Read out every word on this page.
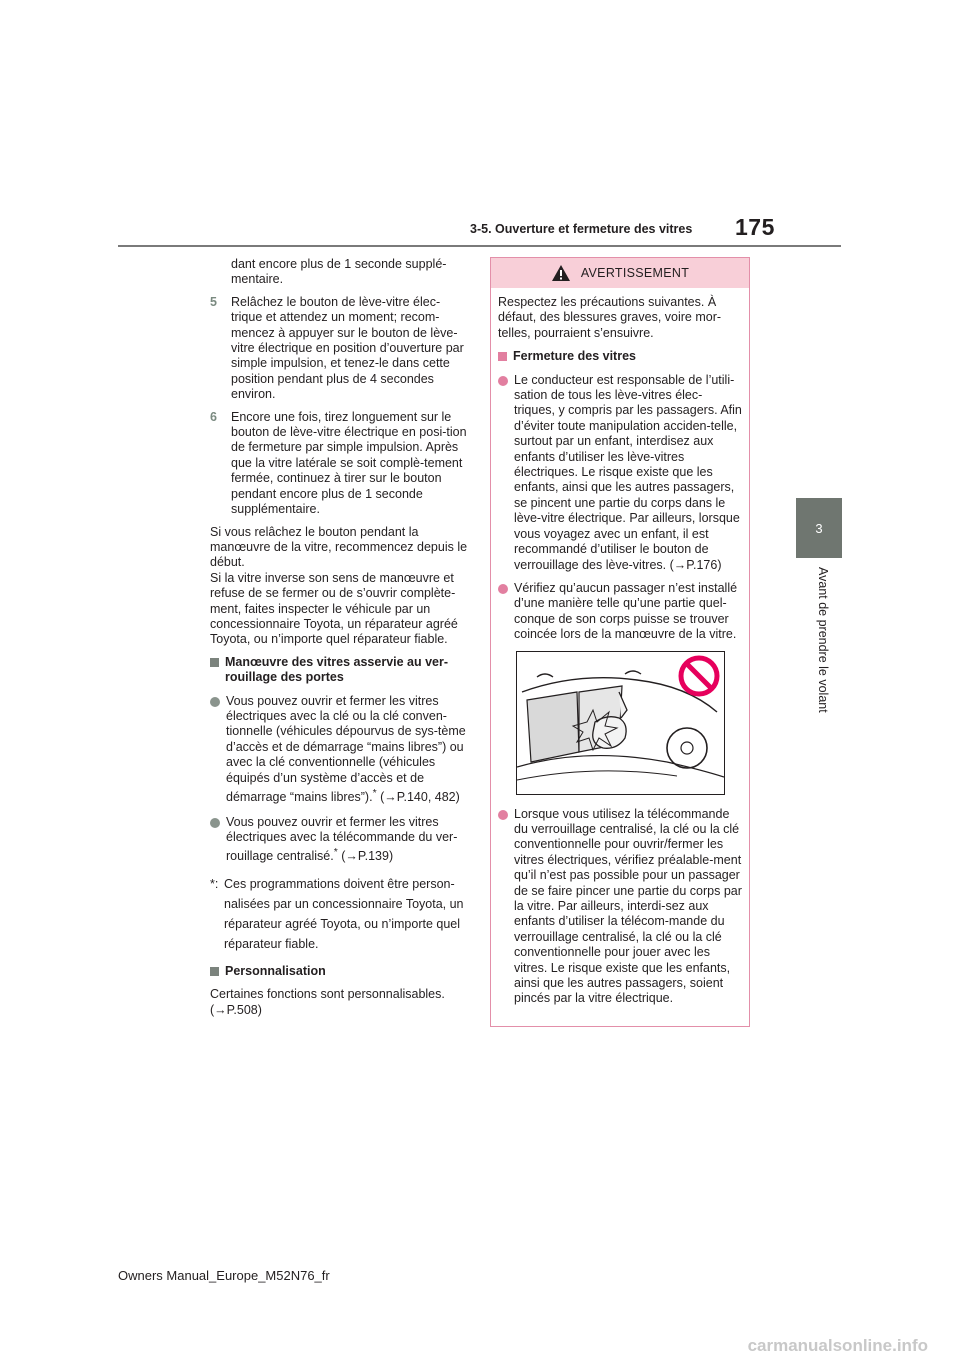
175
3-5. Ouverture et fermeture des vitres
3
Avant de prendre le volant

dant encore plus de 1 seconde supplé-mentaire.

5	Relâchez le bouton de lève-vitre élec-trique et attendez un moment; recom-mencez à appuyer sur le bouton de lève-vitre électrique en position d’ouverture par simple impulsion, et tenez-le dans cette position pendant plus de 4 secondes environ.
6	Encore une fois, tirez longuement sur le bouton de lève-vitre électrique en posi-tion de fermeture par simple impulsion. Après que la vitre latérale se soit complè-tement fermée, continuez à tirer sur le bouton pendant encore plus de 1 seconde supplémentaire.

Si vous relâchez le bouton pendant la manœuvre de la vitre, recommencez depuis le début.

Si la vitre inverse son sens de manœuvre et refuse de se fermer ou de s’ouvrir complète-ment, faites inspecter le véhicule par un concessionnaire Toyota, un réparateur agréé Toyota, ou n’importe quel réparateur fiable.

Manœuvre des vitres asservie au ver-rouillage des portes
Vous pouvez ouvrir et fermer les vitres électriques avec la clé ou la clé conven-tionnelle (véhicules dépourvus de sys-tème d’accès et de démarrage “mains libres”) ou avec la clé conventionnelle (véhicules équipés d’un système d’accès et de démarrage “mains libres”).* (→P.140, 482)
Vous pouvez ouvrir et fermer les vitres électriques avec la télécommande du ver-rouillage centralisé.* (→P.139)
*: Ces programmations doivent être person-nalisées par un concessionnaire Toyota, un réparateur agréé Toyota, ou n’importe quel réparateur fiable.
Personnalisation

Certaines fonctions sont personnalisables. (→P.508)

AVERTISSEMENT

Respectez les précautions suivantes. À défaut, des blessures graves, voire mor-telles, pourraient s’ensuivre.

Fermeture des vitres
Le conducteur est responsable de l’utili-sation de tous les lève-vitres élec-triques, y compris par les passagers. Afin d’éviter toute manipulation acciden-telle, surtout par un enfant, interdisez aux enfants d’utiliser les lève-vitres électriques. Le risque existe que les enfants, ainsi que les autres passagers, se pincent une partie du corps dans le lève-vitre électrique. Par ailleurs, lorsque vous voyagez avec un enfant, il est recommandé d’utiliser le bouton de verrouillage des lève-vitres. (→P.176)
Vérifiez qu’aucun passager n’est installé d’une manière telle qu’une partie quel-conque de son corps puisse se trouver coincée lors de la manœuvre de la vitre.
Lorsque vous utilisez la télécommande du verrouillage centralisé, la clé ou la clé conventionnelle pour ouvrir/fermer les vitres électriques, vérifiez préalable-ment qu’il n’est pas possible pour un passager de se faire pincer une partie du corps par la vitre. Par ailleurs, interdi-sez aux enfants d’utiliser la télécom-mande du verrouillage centralisé, la clé ou la clé conventionnelle pour jouer avec les vitres. Le risque existe que les enfants, ainsi que les autres passagers, soient pincés par la vitre électrique.
Owners Manual_Europe_M52N76_fr
carmanualsonline.info
